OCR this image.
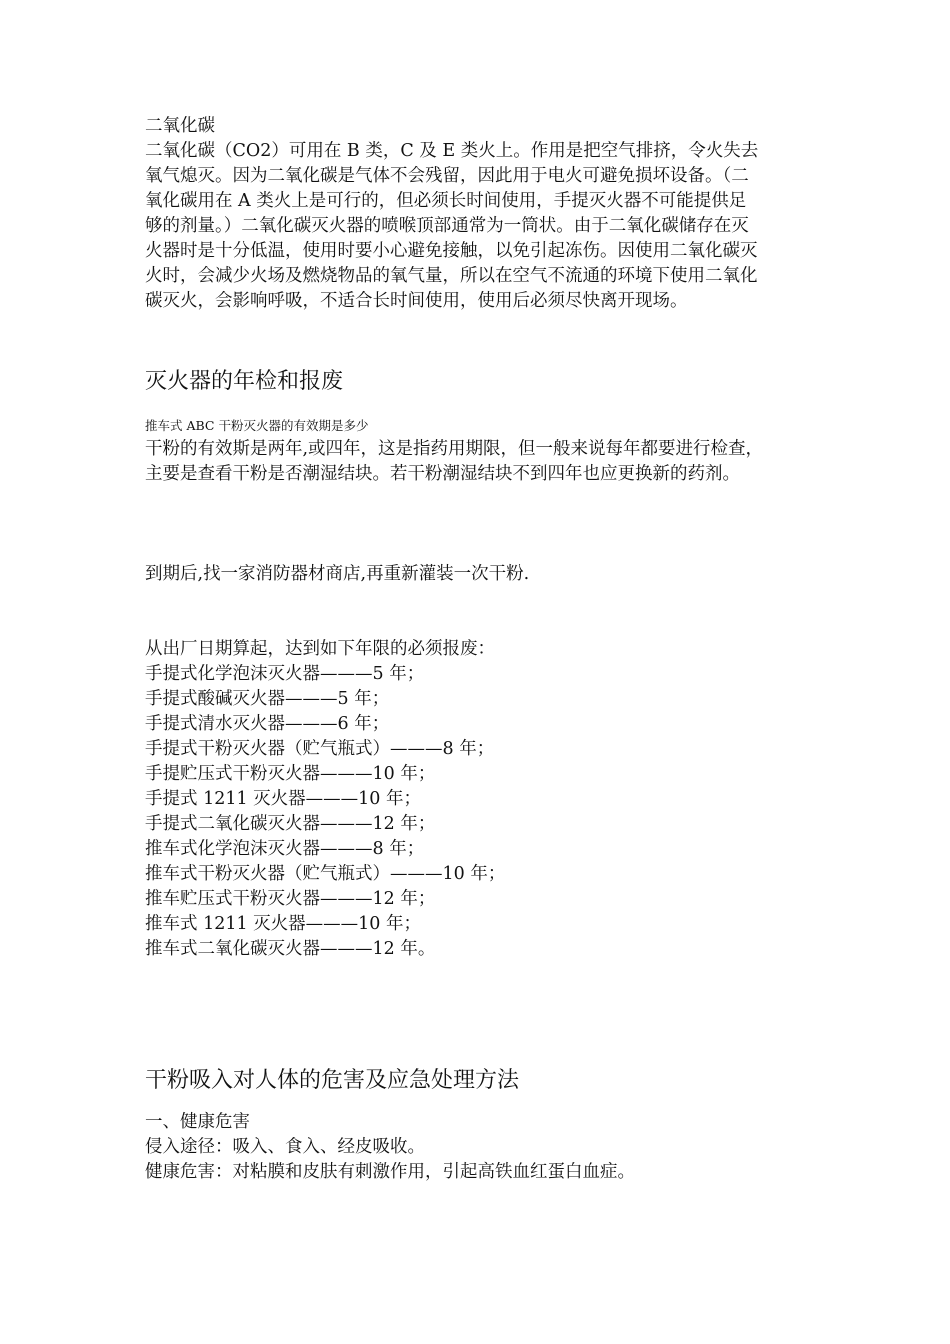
二氧化碳

二氧化碳（CO2）可用在 B 类，C 及 E 类火上。作用是把空气排挤，令火失去
氧气熄灭。因为二氧化碳是气体不会残留，因此用于电火可避免损坏设备。（二
氧化碳用在 A 类火上是可行的，但必须长时间使用，手提灭火器不可能提供足
够的剂量。）二氧化碳灭火器的喷喉顶部通常为一筒状。由于二氧化碳储存在灭
火器时是十分低温，使用时要小心避免接触，以免引起冻伤。因使用二氧化碳灭
火时，会减少火场及燃烧物品的氧气量，所以在空气不流通的环境下使用二氧化
碳灭火，会影响呼吸，不适合长时间使用，使用后必须尽快离开现场。
灭火器的年检和报废

推车式 ABC 干粉灭火器的有效期是多少

干粉的有效斯是两年,或四年，这是指药用期限，但一般来说每年都要进行检查，
主要是查看干粉是否潮湿结块。若干粉潮湿结块不到四年也应更换新的药剂。

到期后,找一家消防器材商店,再重新灌装一次干粉.

从出厂日期算起，达到如下年限的必须报废：

手提式化学泡沫灭火器———5 年；
手提式酸碱灭火器———5 年；
手提式清水灭火器———6 年；
手提式干粉灭火器（贮气瓶式）———8 年；
手提贮压式干粉灭火器———10 年；
手提式 1211 灭火器———10 年；
手提式二氧化碳灭火器———12 年；
推车式化学泡沫灭火器———8 年；
推车式干粉灭火器（贮气瓶式）———10 年；
推车贮压式干粉灭火器———12 年；
推车式 1211 灭火器———10 年；
推车式二氧化碳灭火器———12 年。
干粉吸入对人体的危害及应急处理方法
一、健康危害
侵入途径：吸入、食入、经皮吸收。
健康危害：对粘膜和皮肤有刺激作用，引起高铁血红蛋白血症。
